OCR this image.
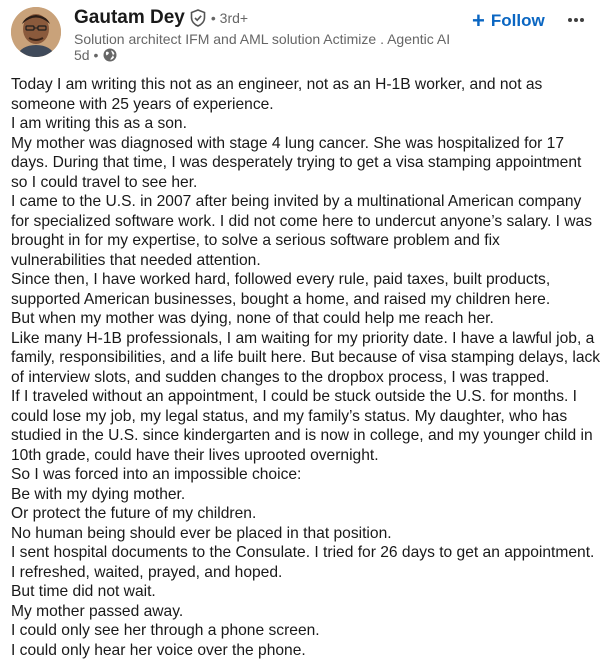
Gautam Dey • 3rd+
Solution architect IFM and AML solution Actimize . Agentic AI
5d •
+ Follow

Today I am writing this not as an engineer, not as an H-1B worker, and not as

someone with 25 years of experience.

I am writing this as a son.

My mother was diagnosed with stage 4 lung cancer. She was hospitalized for 17

days. During that time, I was desperately trying to get a visa stamping appointment

so I could travel to see her.

I came to the U.S. in 2007 after being invited by a multinational American company

for specialized software work. I did not come here to undercut anyone’s salary. I was

brought in for my expertise, to solve a serious software problem and fix

vulnerabilities that needed attention.

Since then, I have worked hard, followed every rule, paid taxes, built products,

supported American businesses, bought a home, and raised my children here.

But when my mother was dying, none of that could help me reach her.

Like many H-1B professionals, I am waiting for my priority date. I have a lawful job, a

family, responsibilities, and a life built here. But because of visa stamping delays, lack

of interview slots, and sudden changes to the dropbox process, I was trapped.

If I traveled without an appointment, I could be stuck outside the U.S. for months. I

could lose my job, my legal status, and my family’s status. My daughter, who has

studied in the U.S. since kindergarten and is now in college, and my younger child in

10th grade, could have their lives uprooted overnight.

So I was forced into an impossible choice:

Be with my dying mother.

Or protect the future of my children.

No human being should ever be placed in that position.

I sent hospital documents to the Consulate. I tried for 26 days to get an appointment.

I refreshed, waited, prayed, and hoped.

But time did not wait.

My mother passed away.

I could only see her through a phone screen.

I could only hear her voice over the phone.
